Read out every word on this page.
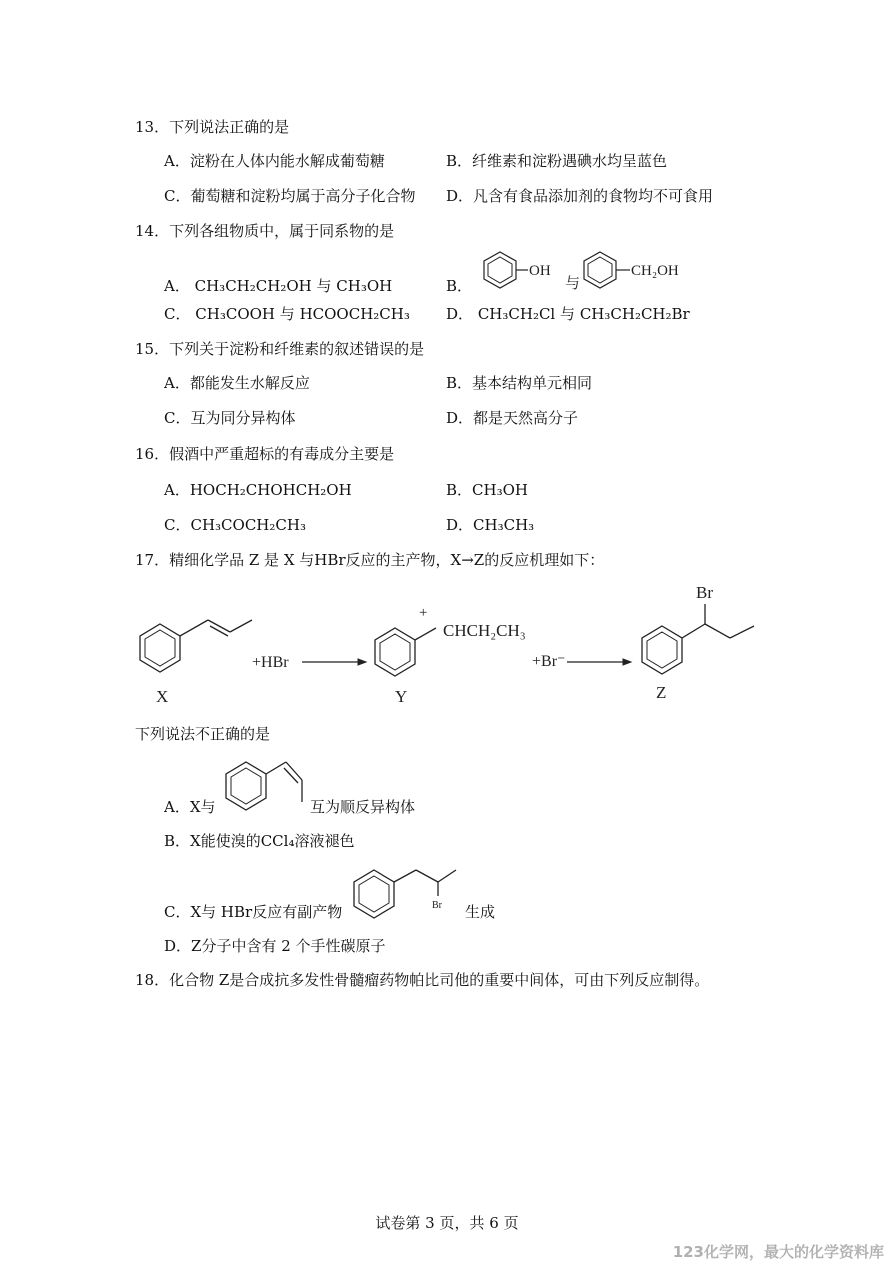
13．下列说法正确的是
A．淀粉在人体内能水解成葡萄糖	B．纤维素和淀粉遇碘水均呈蓝色
C．葡萄糖和淀粉均属于高分子化合物 D．凡含有食品添加剂的食物均不可食用
14．下列各组物质中，属于同系物的是
A． CH₃CH₂CH₂OH 与 CH₃OH	B．
OH
与
CH₂OH
C． CH₃COOH 与 HCOOCH₂CH₃ D． CH₃CH₂Cl 与 CH₃CH₂CH₂Br
15．下列关于淀粉和纤维素的叙述错误的是
A．都能发生水解反应	B．基本结构单元相同
C．互为同分异构体	D．都是天然高分子
16．假酒中严重超标的有毒成分主要是
A．HOCH₂CHOHCH₂OH	B．CH₃OH
C．CH₃COCH₂CH₃	D．CH₃CH₃
17．精细化学品 Z 是 X 与HBr反应的主产物，X→Z的反应机理如下：
X
+HBr
+
CHCH₂CH₃
Y
+Br⁻
Br
Z
下列说法不正确的是
A．X与	互为顺反异构体
B．X能使溴的CCl₄溶液褪色
C．X与 HBr反应有副产物	Br 生成
D．Z分子中含有 2 个手性碳原子
18．化合物 Z是合成抗多发性骨髓瘤药物帕比司他的重要中间体，可由下列反应制得。
试卷第 3 页，共 6 页
123化学网，最大的化学资料库
